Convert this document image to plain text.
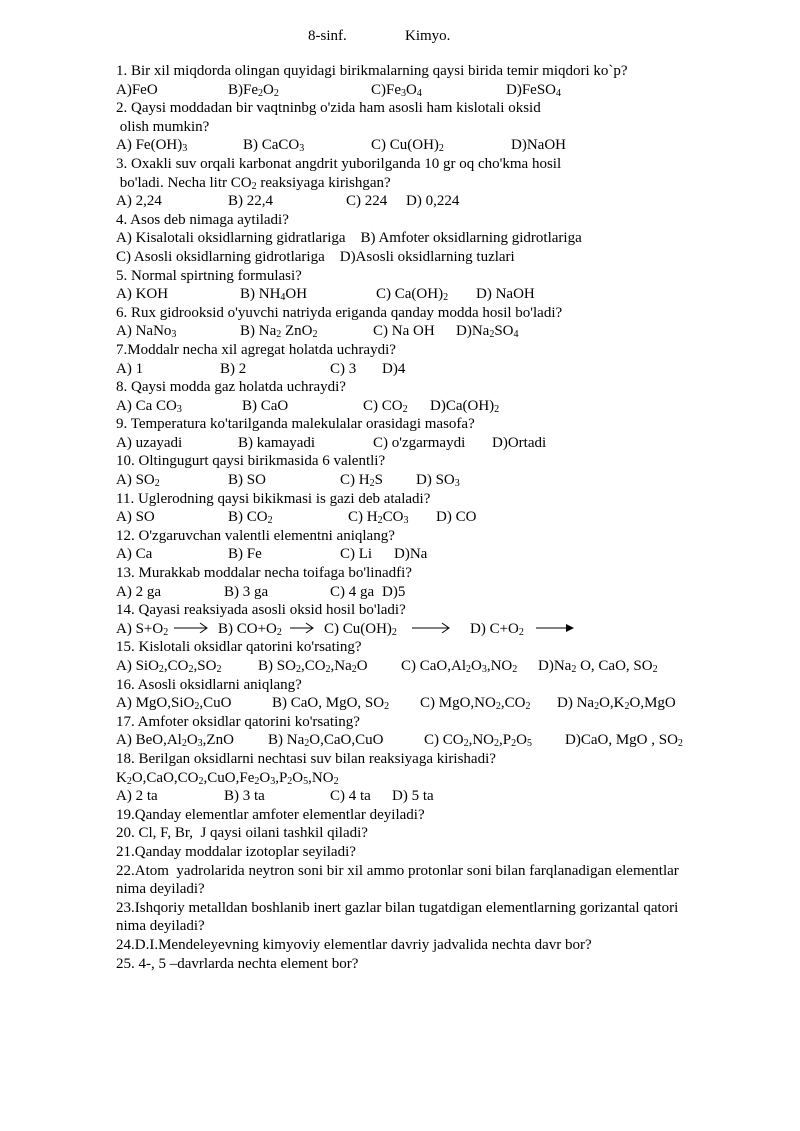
8-sinf.	Kimyo.
1. Bir xil miqdorda olingan quyidagi birikmalarning qaysi birida temir miqdori ko`p?
A)FeO	$B)Fe_2O_2$	$C)Fe_3O_4$	D)FeSO$_4$
2. Qaysi moddadan bir vaqtninbg o'zida ham asosli ham kislotali oksid
olish mumkin?
A) $Fe(OH)_3$	B) CaCO$_3$	C) $Cu(OH)_2$	D)NaOH
3. Oxakli suv orqali karbonat angdrit yuborilganda 10 gr oq cho'kma hosil
bo'ladi. Necha litr $CO_2$ reaksiyaga kirishgan?
A) 2,24	B) 22,4	C) 224 D) 0,224
4. Asos deb nimaga aytiladi?
A) Kisalotali oksidlarning gidratlariga    B) Amfoter oksidlarning gidrotlariga
C) Asosli oksidlarning gidrotlariga    D)Asosli oksidlarning tuzlari
5. Normal spirtning formulasi?
A) KOH	B) $NH_4OH$	C) $Ca(OH)_2$ D) NaOH
6. Rux gidrooksid o'yuvchi natriyda eriganda qanday modda hosil bo'ladi?
A) NaNo$_3$	B) $Na_2$ ZnO$_2$	C) Na OH $D)Na_2SO_4$
7.Moddalr necha xil agregat holatda uchraydi?
A) 1	B) 2	C) 3 D)4
8. Qaysi modda gaz holatda uchraydi?
A) Ca $CO_3$	B) CaO	C) $CO_2$ $D)Ca(OH)_2$
9. Temperatura ko'tarilganda malekulalar orasidagi masofa?
A) uzayadi	B) kamayadi	C) o'zgarmaydi D)Ortadi
10. Oltingugurt qaysi birikmasida 6 valentli?
A) $SO_2$	B) SO	C) $H_2S$ D) $SO_3$
11. Uglerodning qaysi bikikmasi is gazi deb ataladi?
A) SO	B) $CO_2$	C) $H_2CO_3$ D) CO
12. O'zgaruvchan valentli elementni aniqlang?
A) Ca	B) Fe	C) Li D)Na
13. Murakkab moddalar necha toifaga bo'linadfi?
A) 2 ga	B) 3 ga	C) 4 ga D)5
14. Qayasi reaksiyada asosli oksid hosil bo'ladi?
A) $S+O_2$	B) $CO+O_2$	C) $Cu(OH)_2$	D) $C+O_2$
15. Kislotali oksidlar qatorini ko'rsating?
A) $SiO_2,CO_2,SO_2$ B) $SO_2,CO_2,Na_2O$ C) $CaO,Al_2O_3,NO_2$ $D)Na_2$ O, CaO, $SO_2$
16. Asosli oksidlarni aniqlang?
A) MgO,SiO$_2$,CuO	B) CaO, MgO, $SO_2$ C) $MgO,NO_2,CO_2$ D) $Na_2O,K_2O,MgO$
17. Amfoter oksidlar qatorini ko'rsating?
A) $BeO,Al_2O_3,ZnO$ B) $Na_2O,CaO,CuO$	C) $CO_2,NO_2,P_2O_5$ D)CaO, MgO , $SO_2$
18. Berilgan oksidlarni nechtasi suv bilan reaksiyaga kirishadi?
$K_2O,CaO,CO_2,CuO,Fe_2O_3,P_2O_5,NO_2$
A) 2 ta	B) 3 ta	C) 4 ta D) 5 ta
19.Qanday elementlar amfoter elementlar deyiladi?
20. Cl, F, Br,  J qaysi oilani tashkil qiladi?
21.Qanday moddalar izotoplar seyiladi?
22.Atom  yadrolarida neytron soni bir xil ammo protonlar soni bilan farqlanadigan elementlar
nima deyiladi?
23.Ishqoriy metalldan boshlanib inert gazlar bilan tugatdigan elementlarning gorizantal qatori
nima deyiladi?
24.D.I.Mendeleyevning kimyoviy elementlar davriy jadvalida nechta davr bor?
25. 4-, 5 –davrlarda nechta element bor?
